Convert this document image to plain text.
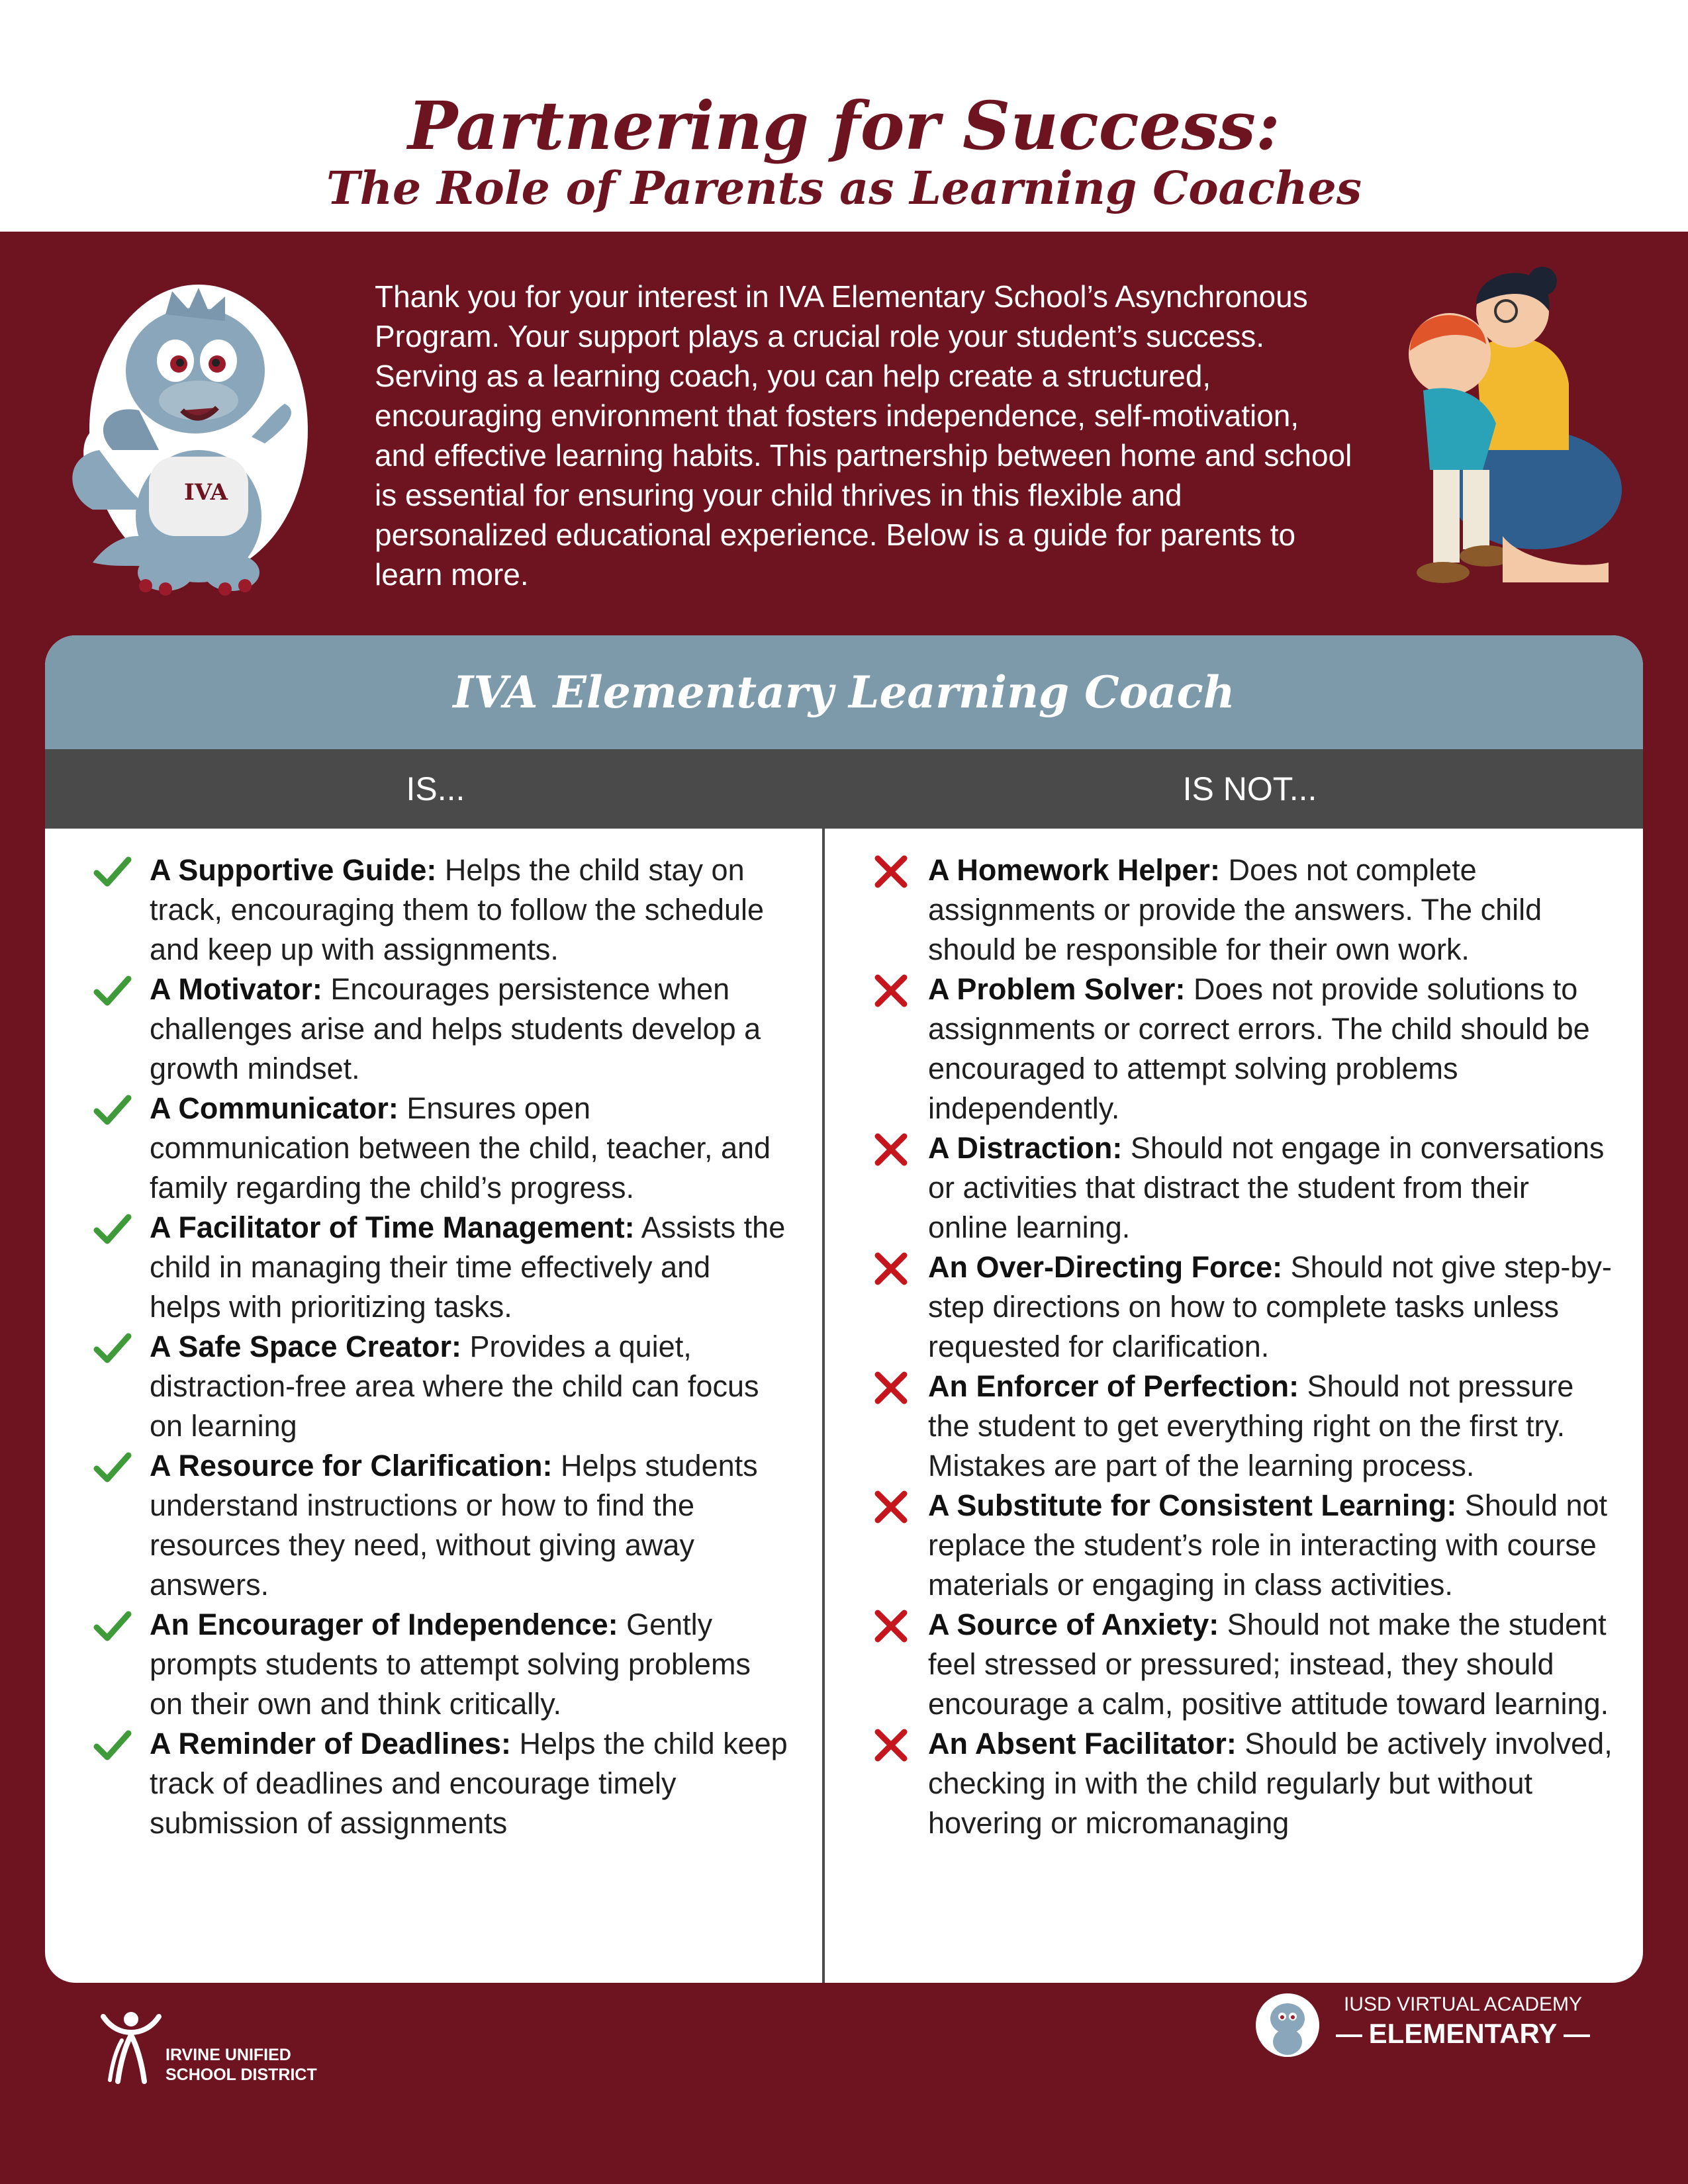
Partnering for Success:
The Role of Parents as Learning Coaches
IVA

Thank you for your interest in IVA Elementary School’s Asynchronous Program. Your support plays a crucial role your student’s success. Serving as a learning coach, you can help create a structured, encouraging environment that fosters independence, self-motivation, and effective learning habits. This partnership between home and school is essential for ensuring your child thrives in this flexible and personalized educational experience. Below is a guide for parents to learn more.

IVA Elementary Learning Coach
IS...	IS NOT...
A Supportive Guide: Helps the child stay on track, encouraging them to follow the schedule and keep up with assignments.
A Motivator: Encourages persistence when challenges arise and helps students develop a growth mindset.
A Communicator: Ensures open communication between the child, teacher, and family regarding the child’s progress.
A Facilitator of Time Management: Assists the child in managing their time effectively and helps with prioritizing tasks.
A Safe Space Creator: Provides a quiet, distraction-free area where the child can focus on learning
A Resource for Clarification: Helps students understand instructions or how to find the resources they need, without giving away answers.
An Encourager of Independence: Gently prompts students to attempt solving problems on their own and think critically.
A Reminder of Deadlines: Helps the child keep track of deadlines and encourage timely submission of assignments
A Homework Helper: Does not complete assignments or provide the answers. The child should be responsible for their own work.
A Problem Solver: Does not provide solutions to assignments or correct errors. The child should be encouraged to attempt solving problems independently.
A Distraction: Should not engage in conversations or activities that distract the student from their online learning.
An Over-Directing Force: Should not give step-by-step directions on how to complete tasks unless requested for clarification.
An Enforcer of Perfection: Should not pressure the student to get everything right on the first try. Mistakes are part of the learning process.
A Substitute for Consistent Learning: Should not replace the student’s role in interacting with course materials or engaging in class activities.
A Source of Anxiety: Should not make the student feel stressed or pressured; instead, they should encourage a calm, positive attitude toward learning.
An Absent Facilitator: Should be actively involved, checking in with the child regularly but without hovering or micromanaging
IRVINE UNIFIED
SCHOOL DISTRICT
IUSD VIRTUAL ACADEMY
ELEMENTARY
